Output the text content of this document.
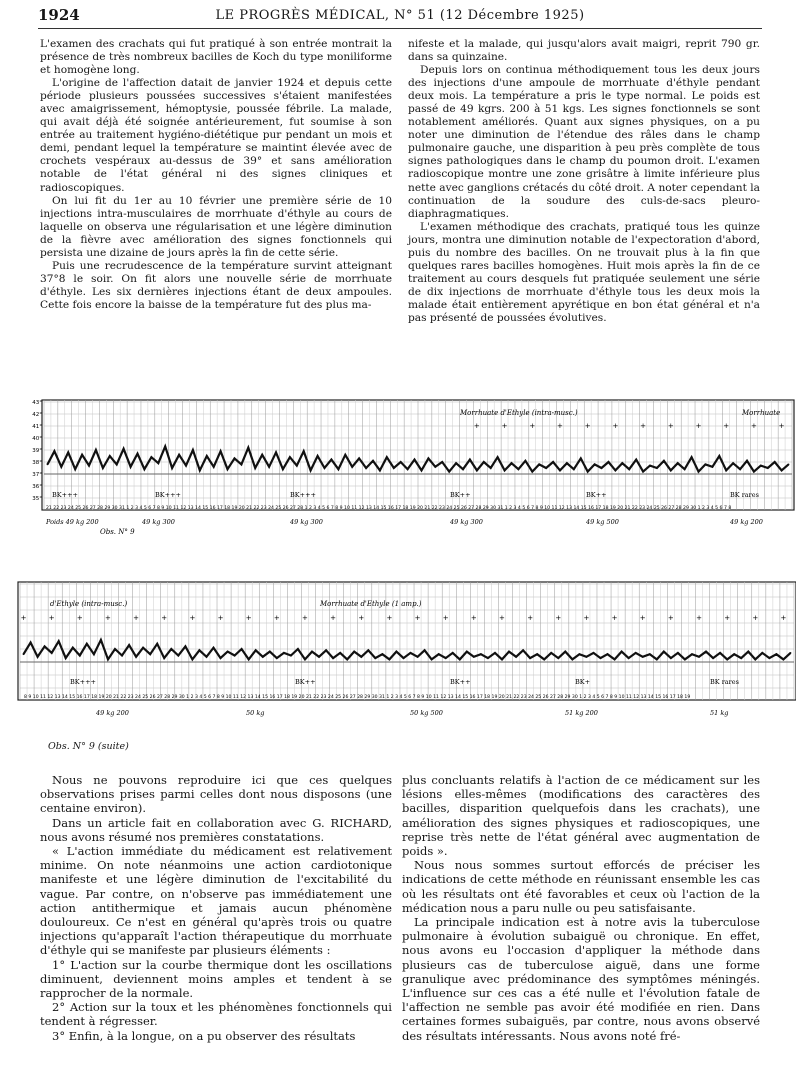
1924	LE PROGRÈS MÉDICAL, N° 51 (12 Décembre 1925)

L'examen des crachats qui fut pratiqué à son entrée montrait la présence de très nombreux bacilles de Koch du type moniliforme et homogène long.

L'origine de l'affection datait de janvier 1924 et depuis cette période plusieurs poussées successives s'étaient manifestées avec amaigrissement, hémoptysie, poussée fébrile. La malade, qui avait déjà été soignée antérieurement, fut soumise à son entrée au traitement hygiéno-diététique pur pendant un mois et demi, pendant lequel la température se maintint élevée avec de crochets vespéraux au-dessus de 39° et sans amélioration notable de l'état général ni des signes cliniques et radioscopiques.

On lui fit du 1er au 10 février une première série de 10 injections intra-musculaires de morrhuate d'éthyle au cours de laquelle on observa une régularisation et une légère diminution de la fièvre avec amélioration des signes fonctionnels qui persista une dizaine de jours après la fin de cette série.

Puis une recrudescence de la température survint atteignant 37°8 le soir. On fit alors une nouvelle série de morrhuate d'éthyle. Les six dernières injections étant de deux ampoules. Cette fois encore la baisse de la température fut des plus ma-

nifeste et la malade, qui jusqu'alors avait maigri, reprit 790 gr. dans sa quinzaine.

Depuis lors on continua méthodiquement tous les deux jours des injections d'une ampoule de morrhuate d'éthyle pendant deux mois. La température a pris le type normal. Le poids est passé de 49 kgrs. 200 à 51 kgs. Les signes fonctionnels se sont notablement améliorés. Quant aux signes physiques, on a pu noter une diminution de l'étendue des râles dans le champ pulmonaire gauche, une disparition à peu près complète de tous signes pathologiques dans le champ du poumon droit. L'examen radioscopique montre une zone grisâtre à limite inférieure plus nette avec ganglions crétacés du côté droit. A noter cependant la continuation de la soudure des culs-de-sacs pleuro-diaphragmatiques.

L'examen méthodique des crachats, pratiqué tous les quinze jours, montra une diminution notable de l'expectoration d'abord, puis du nombre des bacilles. On ne trouvait plus à la fin que quelques rares bacilles homogènes. Huit mois après la fin de ce traitement au cours desquels fut pratiquée seulement une série de dix injections de morrhuate d'éthyle tous les deux mois la malade était entièrement apyrétique en bon état général et n'a pas présenté de poussées évolutives.

35°
36°
37°
38°
39°
40°
41°
42°
43°
+	+	+	+	+	+	+	+	+	+	+	+
Morrhuate d'Ethyle (intra-musc.)	Morrhuate
BK+++	BK+++	BK+++	BK++	BK++	BK rares
21 22 23 24 25 26 27 28 29 30 31 1 2 3 4 5 6 7 8 9 10 11 12 13 14 15 16 17 18 19 20 21 22 23 24 25 26 27 28 1 2 3 4 5 6 7 8 9 10 11 12 13 14 15 16 17 18 19 20 21 22 23 24 25 26 27 28 29 30 31 1 2 3 4 5 6 7 8 9 10 11 12 13 14 15 16 17 18 19 20 21 22 23 24 25 26 27 28 29 30 1 2 3 4 5 6 7 8
Poids 49 kg 200	49 kg 300	49 kg 300	49 kg 300	49 kg 500	49 kg 200
Obs. N° 9
+	+	+	+	+	+	+	+	+	+	+	+	+	+	+	+	+	+	+	+	+	+	+	+	+	+	+	+
d'Ethyle (intra-musc.)	Morrhuate d'Ethyle (1 amp.)
BK+++	BK++	BK++	BK+	BK rares
8 9 10 11 12 13 14 15 16 17 18 19 20 21 22 23 24 25 26 27 28 29 30 1 2 3 4 5 6 7 8 9 10 11 12 13 14 15 16 17 18 19 20 21 22 23 24 25 26 27 28 29 30 31 1 2 3 4 5 6 7 8 9 10 11 12 13 14 15 16 17 18 19 20 21 22 23 24 25 26 27 28 29 30 1 2 3 4 5 6 7 8 9 10 11 12 13 14 15 16 17 18 19
49 kg 200	50 kg	50 kg 500	51 kg 200	51 kg
Obs. N° 9 (suite)

Nous ne pouvons reproduire ici que ces quelques observations prises parmi celles dont nous disposons (une centaine environ).

Dans un article fait en collaboration avec G. RICHARD, nous avons résumé nos premières constatations.

« L'action immédiate du médicament est relativement minime. On note néanmoins une action cardiotonique manifeste et une légère diminution de l'excitabilité du vague. Par contre, on n'observe pas immédiatement une action antithermique et jamais aucun phénomène douloureux. Ce n'est en général qu'après trois ou quatre injections qu'apparaît l'action thérapeutique du morrhuate d'éthyle qui se manifeste par plusieurs éléments :

1° L'action sur la courbe thermique dont les oscillations diminuent, deviennent moins amples et tendent à se rapprocher de la normale.

2° Action sur la toux et les phénomènes fonctionnels qui tendent à régresser.

3° Enfin, à la longue, on a pu observer des résultats

plus concluants relatifs à l'action de ce médicament sur les lésions elles-mêmes (modifications des caractères des bacilles, disparition quelquefois dans les crachats), une amélioration des signes physiques et radioscopiques, une reprise très nette de l'état général avec augmentation de poids ».

Nous nous sommes surtout efforcés de préciser les indications de cette méthode en réunissant ensemble les cas où les résultats ont été favorables et ceux où l'action de la médication nous a paru nulle ou peu satisfaisante.

La principale indication est à notre avis la tuberculose pulmonaire à évolution subaiguë ou chronique. En effet, nous avons eu l'occasion d'appliquer la méthode dans plusieurs cas de tuberculose aiguë, dans une forme granulique avec prédominance des symptômes méningés. L'influence sur ces cas a été nulle et l'évolution fatale de l'affection ne semble pas avoir été modifiée en rien. Dans certaines formes subaiguës, par contre, nous avons observé des résultats intéressants. Nous avons noté fré-
